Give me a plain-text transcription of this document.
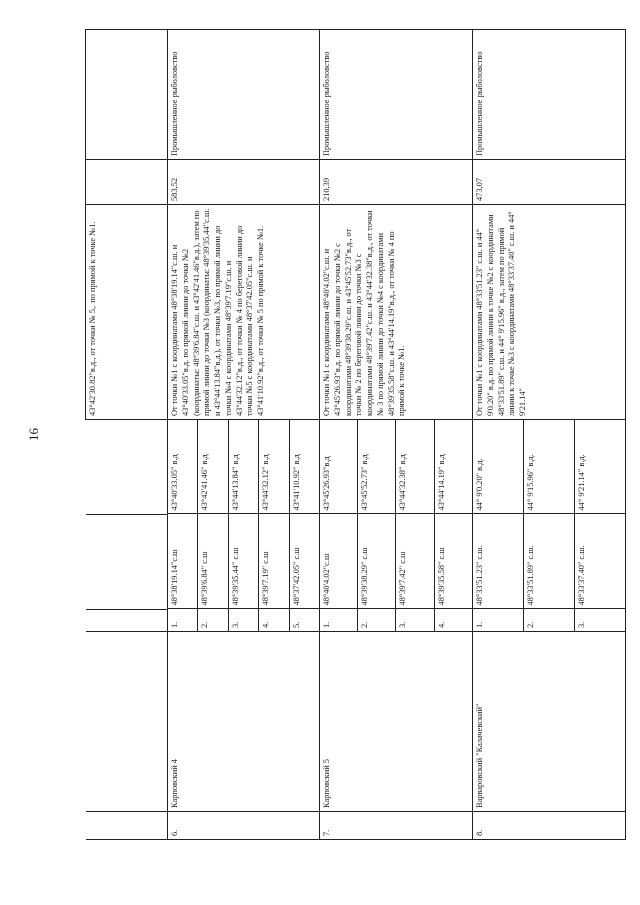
16
					43°42'30.82"в.д., от точки № 5,. по прямой к точке №1.		
6.	Карповский 4	
1.	48°38'19.14"с.ш	43°40'33.05" в.д
2.	48°39'6.84" с.ш	43°42'41.46" в.д
3.	48°39'35.44" с.ш	43°44'13.84" в.д
4.	48°39'7.19" с.ш	43°44'32.12" в.д
5.	48°37'42.05" с.ш	43°41'10.92" в.д
	От точки №1 с координатами 48°38'19.14"с.ш. и 43°40'33.05"в.д. по прямой линии до точки №2 (координаты: 48°39'6.84"с.ш. и 43°42'41.46"в.д.), затем по прямой линии до точки №3 (координаты: 48°39'35.44"с.ш. и 43°44'13.84"в.д.), от точки №3, по прямой линии до точки №4 с координатами 48°39'7.19"с.ш. и 43°44'32.12"в.д., от точки № 4 по береговой линии до точки №5 с координатами 48°37'42.05"с.ш. и 43°41'10.92"в.д., от точки № 5 по прямой к точке №1.	583,52	Промышленное рыболовство
7.	Карповский 5	
1.	48°40'4.02"с.ш	43°45'26.93"в.д
2.	48°39'38.29" с.ш	43°45'52.73" в.д
3.	48°39'7.42" с.ш	43°44'32.38" в.д
4.	48°39'35.58" с.ш	43°44'14.19" в.д
	От точки №1 с координатами 48°40'4.02"с.ш. и 43°45'26.93"в.д. по прямой линии до точки №2 с координатами 48°39'38.29"с.ш. и 43°45'52.73"в.д., от точки № 2 по береговой линии до точки №3 с координатами 48°39'7.42"с.ш. и 43°44'32.38"в.д., от точки № 3 по прямой линии до точки №4 с координатами 48°39'35.58"с.ш. и 43°44'14.19"в.д., от точки № 4 по прямой к точке №1.	210,39	Промышленное рыболовство
8.	Варваровский "Калачевский"	
1.	48°33'51.23" с.ш.	44° 9'0.20" в.д.
2.	48°33'51.89" с.ш.	44° 9'15.96" в.д.
3.	48°33'37.40" с.ш.	44° 9'21.14" в.д.
	От точки №1 с координатами 48°33'51.23" с.ш. и 44° 9'0.20" в.д. по прямой линии к точке №2 с координатами 48°33'51.89" с.ш. и 44° 9'15.96" в.д., затем по прямой линии к точке №3 с координатами 48°33'37.40" с.ш. и 44° 9'21.14"	473,07	Промышленное рыболовство
